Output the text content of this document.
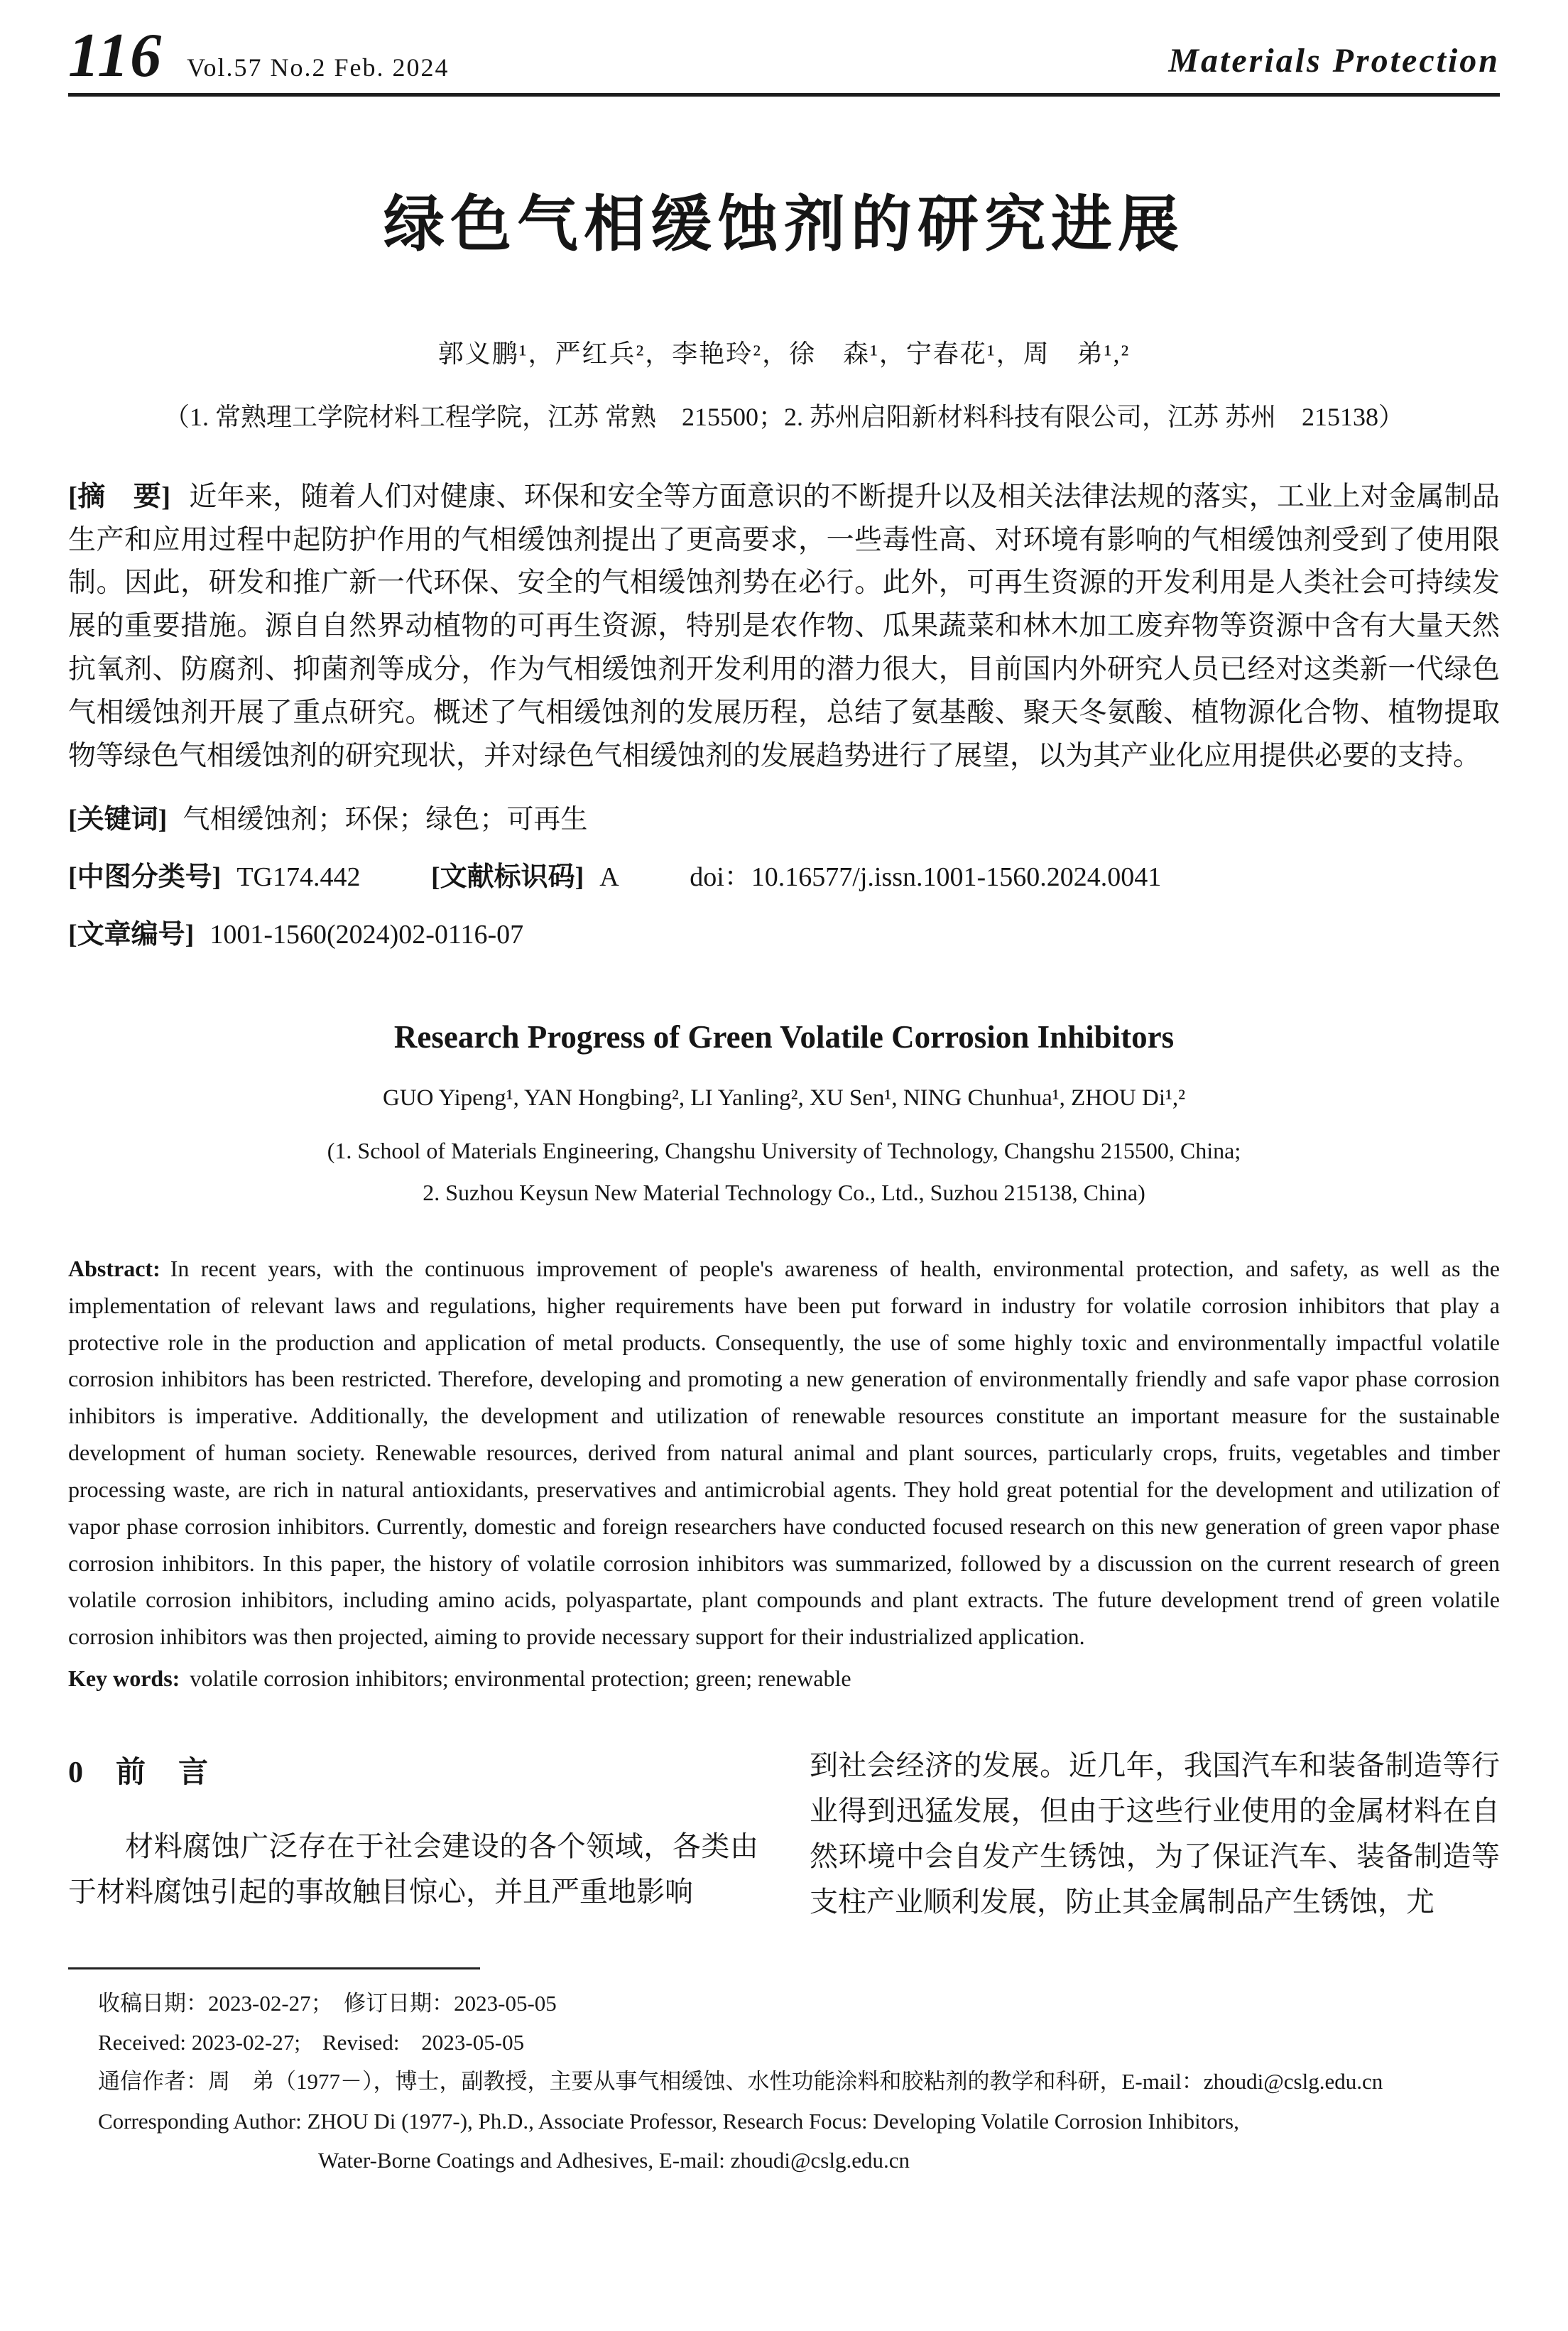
116 Vol.57 No.2 Feb. 2024	Materials Protection
绿色气相缓蚀剂的研究进展
郭义鹏¹，严红兵²，李艳玲²，徐　森¹，宁春花¹，周　弟¹,²
（1. 常熟理工学院材料工程学院，江苏 常熟　215500；2. 苏州启阳新材料科技有限公司，江苏 苏州　215138）

[摘　要] 近年来，随着人们对健康、环保和安全等方面意识的不断提升以及相关法律法规的落实，工业上对金属制品生产和应用过程中起防护作用的气相缓蚀剂提出了更高要求，一些毒性高、对环境有影响的气相缓蚀剂受到了使用限制。因此，研发和推广新一代环保、安全的气相缓蚀剂势在必行。此外，可再生资源的开发利用是人类社会可持续发展的重要措施。源自自然界动植物的可再生资源，特别是农作物、瓜果蔬菜和林木加工废弃物等资源中含有大量天然抗氧剂、防腐剂、抑菌剂等成分，作为气相缓蚀剂开发利用的潜力很大，目前国内外研究人员已经对这类新一代绿色气相缓蚀剂开展了重点研究。概述了气相缓蚀剂的发展历程，总结了氨基酸、聚天冬氨酸、植物源化合物、植物提取物等绿色气相缓蚀剂的研究现状，并对绿色气相缓蚀剂的发展趋势进行了展望，以为其产业化应用提供必要的支持。

[关键词] 气相缓蚀剂；环保；绿色；可再生

[中图分类号] TG174.442	[文献标识码] A	doi：10.16577/j.issn.1001-1560.2024.0041

[文章编号] 1001-1560(2024)02-0116-07

Research Progress of Green Volatile Corrosion Inhibitors
GUO Yipeng¹, YAN Hongbing², LI Yanling², XU Sen¹, NING Chunhua¹, ZHOU Di¹,²
(1. School of Materials Engineering, Changshu University of Technology, Changshu 215500, China;
2. Suzhou Keysun New Material Technology Co., Ltd., Suzhou 215138, China)

Abstract: In recent years, with the continuous improvement of people's awareness of health, environmental protection, and safety, as well as the implementation of relevant laws and regulations, higher requirements have been put forward in industry for volatile corrosion inhibitors that play a protective role in the production and application of metal products. Consequently, the use of some highly toxic and environmentally impactful volatile corrosion inhibitors has been restricted. Therefore, developing and promoting a new generation of environmentally friendly and safe vapor phase corrosion inhibitors is imperative. Additionally, the development and utilization of renewable resources constitute an important measure for the sustainable development of human society. Renewable resources, derived from natural animal and plant sources, particularly crops, fruits, vegetables and timber processing waste, are rich in natural antioxidants, preservatives and antimicrobial agents. They hold great potential for the development and utilization of vapor phase corrosion inhibitors. Currently, domestic and foreign researchers have conducted focused research on this new generation of green vapor phase corrosion inhibitors. In this paper, the history of volatile corrosion inhibitors was summarized, followed by a discussion on the current research of green volatile corrosion inhibitors, including amino acids, polyaspartate, plant compounds and plant extracts. The future development trend of green volatile corrosion inhibitors was then projected, aiming to provide necessary support for their industrialized application.

Key words: volatile corrosion inhibitors; environmental protection; green; renewable

0　前　言

材料腐蚀广泛存在于社会建设的各个领域，各类由于材料腐蚀引起的事故触目惊心，并且严重地影响

到社会经济的发展。近几年，我国汽车和装备制造等行业得到迅猛发展，但由于这些行业使用的金属材料在自然环境中会自发产生锈蚀，为了保证汽车、装备制造等支柱产业顺利发展，防止其金属制品产生锈蚀，尤

收稿日期：2023-02-27；　修订日期：2023-05-05
Received: 2023-02-27;　Revised:　2023-05-05
通信作者：周　弟（1977－），博士，副教授，主要从事气相缓蚀、水性功能涂料和胶粘剂的教学和科研，E-mail：zhoudi@cslg.edu.cn
Corresponding Author: ZHOU Di (1977-), Ph.D., Associate Professor, Research Focus: Developing Volatile Corrosion Inhibitors,
Water-Borne Coatings and Adhesives, E-mail: zhoudi@cslg.edu.cn
